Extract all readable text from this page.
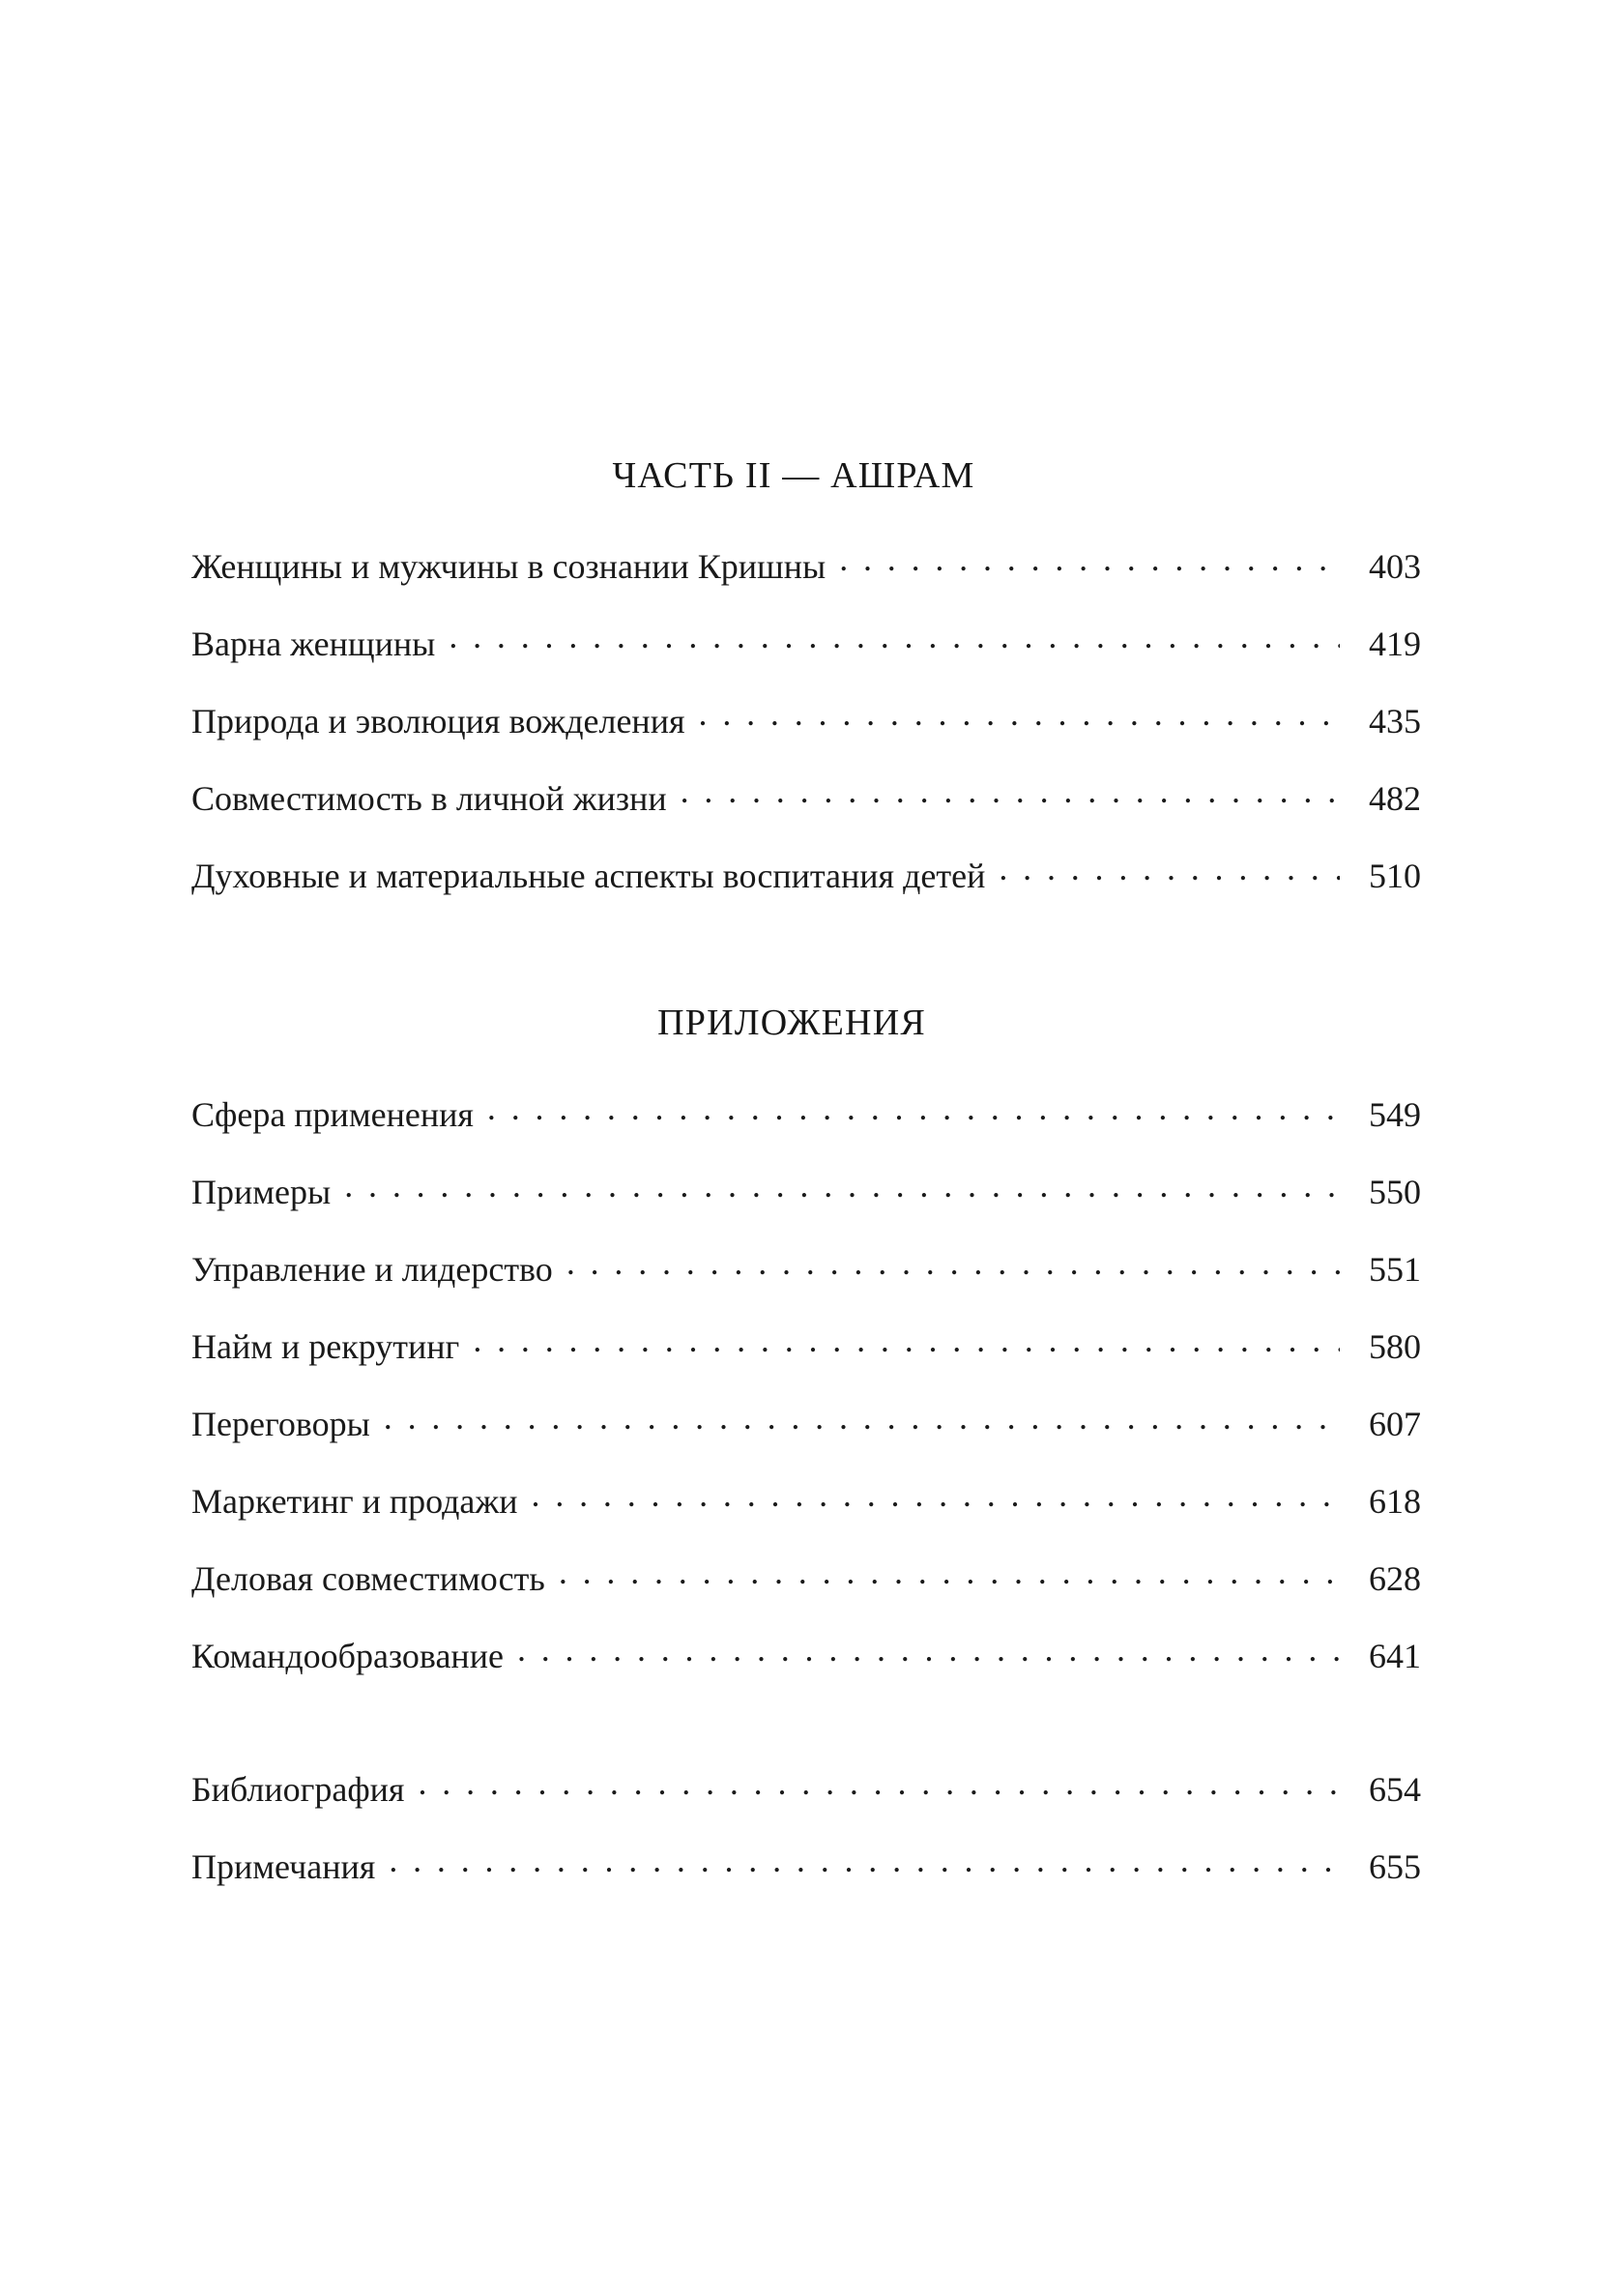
ЧАСТЬ II — АШРАМ
Женщины и мужчины в сознании Кришны . . .	403
Варна женщины . . .	419
Природа и эволюция вожделения . . .	435
Совместимость в личной жизни . . .	482
Духовные и материальные аспекты воспитания детей . . .	510
ПРИЛОЖЕНИЯ
Сфера применения . . .	549
Примеры . . .	550
Управление и лидерство . . .	551
Найм и рекрутинг . . .	580
Переговоры . . .	607
Маркетинг и продажи . . .	618
Деловая совместимость . . .	628
Командообразование . . .	641
Библиография . . .	654
Примечания . . .	655
